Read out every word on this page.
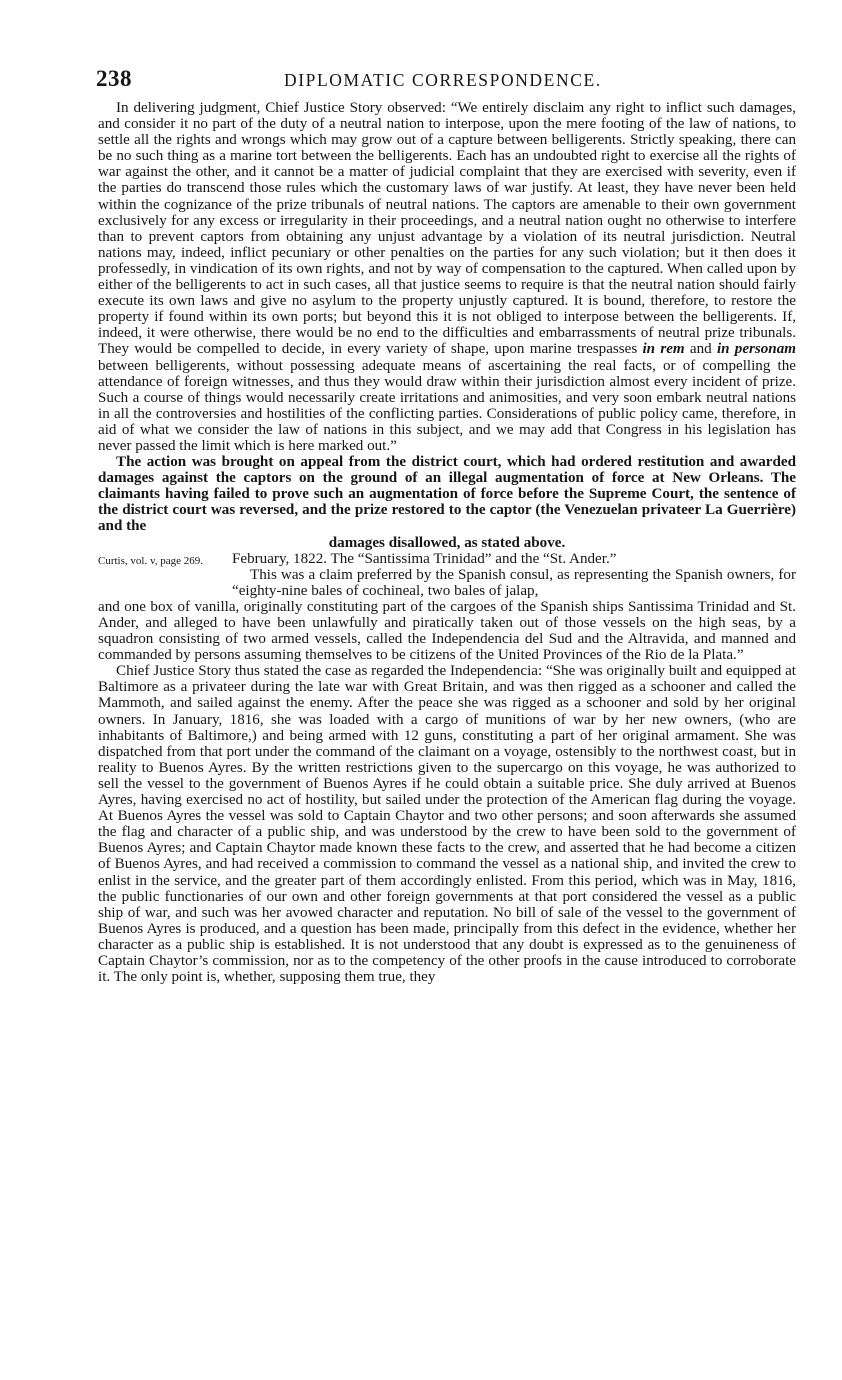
238	DIPLOMATIC CORRESPONDENCE.

In delivering judgment, Chief Justice Story observed: “We entirely disclaim any right to inflict such damages, and consider it no part of the duty of a neutral nation to interpose, upon the mere footing of the law of nations, to settle all the rights and wrongs which may grow out of a capture between belligerents. Strictly speaking, there can be no such thing as a marine tort between the belligerents. Each has an undoubted right to exercise all the rights of war against the other, and it cannot be a matter of judicial complaint that they are exercised with severity, even if the parties do transcend those rules which the customary laws of war justify. At least, they have never been held within the cognizance of the prize tribunals of neutral nations. The captors are amenable to their own government exclusively for any excess or irregularity in their proceedings, and a neutral nation ought no otherwise to interfere than to prevent captors from obtaining any unjust advantage by a violation of its neutral jurisdiction. Neutral nations may, indeed, inflict pecuniary or other penalties on the parties for any such violation; but it then does it professedly, in vindication of its own rights, and not by way of compensation to the captured. When called upon by either of the belligerents to act in such cases, all that justice seems to require is that the neutral nation should fairly execute its own laws and give no asylum to the property unjustly captured. It is bound, therefore, to restore the property if found within its own ports; but beyond this it is not obliged to interpose between the belligerents. If, indeed, it were otherwise, there would be no end to the difficulties and embarrassments of neutral prize tribunals. They would be compelled to decide, in every variety of shape, upon marine trespasses in rem and in personam between belligerents, without possessing adequate means of ascertaining the real facts, or of compelling the attendance of foreign witnesses, and thus they would draw within their jurisdiction almost every incident of prize. Such a course of things would necessarily create irritations and animosities, and very soon embark neutral nations in all the controversies and hostilities of the conflicting parties. Considerations of public policy came, therefore, in aid of what we consider the law of nations in this subject, and we may add that Congress in his legislation has never passed the limit which is here marked out.”

The action was brought on appeal from the district court, which had ordered restitution and awarded damages against the captors on the ground of an illegal augmentation of force at New Orleans. The claimants having failed to prove such an augmentation of force before the Supreme Court, the sentence of the district court was reversed, and the prize restored to the captor (the Venezuelan privateer La Guerrière) and the

damages disallowed, as stated above.

Curtis, vol. v, page 269.	February, 1822. The “Santissima Trinidad” and the “St. Ander.”

This was a claim preferred by the Spanish consul, as representing the Spanish owners, for “eighty-nine bales of cochineal, two bales of jalap,

and one box of vanilla, originally constituting part of the cargoes of the Spanish ships Santissima Trinidad and St. Ander, and alleged to have been unlawfully and piratically taken out of those vessels on the high seas, by a squadron consisting of two armed vessels, called the Independencia del Sud and the Altravida, and manned and commanded by persons assuming themselves to be citizens of the United Provinces of the Rio de la Plata.”

Chief Justice Story thus stated the case as regarded the Independencia: “She was originally built and equipped at Baltimore as a privateer during the late war with Great Britain, and was then rigged as a schooner and called the Mammoth, and sailed against the enemy. After the peace she was rigged as a schooner and sold by her original owners. In January, 1816, she was loaded with a cargo of munitions of war by her new owners, (who are inhabitants of Baltimore,) and being armed with 12 guns, constituting a part of her original armament. She was dispatched from that port under the command of the claimant on a voyage, ostensibly to the northwest coast, but in reality to Buenos Ayres. By the written restrictions given to the supercargo on this voyage, he was authorized to sell the vessel to the government of Buenos Ayres if he could obtain a suitable price. She duly arrived at Buenos Ayres, having exercised no act of hostility, but sailed under the protection of the American flag during the voyage. At Buenos Ayres the vessel was sold to Captain Chaytor and two other persons; and soon afterwards she assumed the flag and character of a public ship, and was understood by the crew to have been sold to the government of Buenos Ayres; and Captain Chaytor made known these facts to the crew, and asserted that he had become a citizen of Buenos Ayres, and had received a commission to command the vessel as a national ship, and invited the crew to enlist in the service, and the greater part of them accordingly enlisted. From this period, which was in May, 1816, the public functionaries of our own and other foreign governments at that port considered the vessel as a public ship of war, and such was her avowed character and reputation. No bill of sale of the vessel to the government of Buenos Ayres is produced, and a question has been made, principally from this defect in the evidence, whether her character as a public ship is established. It is not understood that any doubt is expressed as to the genuineness of Captain Chaytor’s commission, nor as to the competency of the other proofs in the cause introduced to corroborate it. The only point is, whether, supposing them true, they
